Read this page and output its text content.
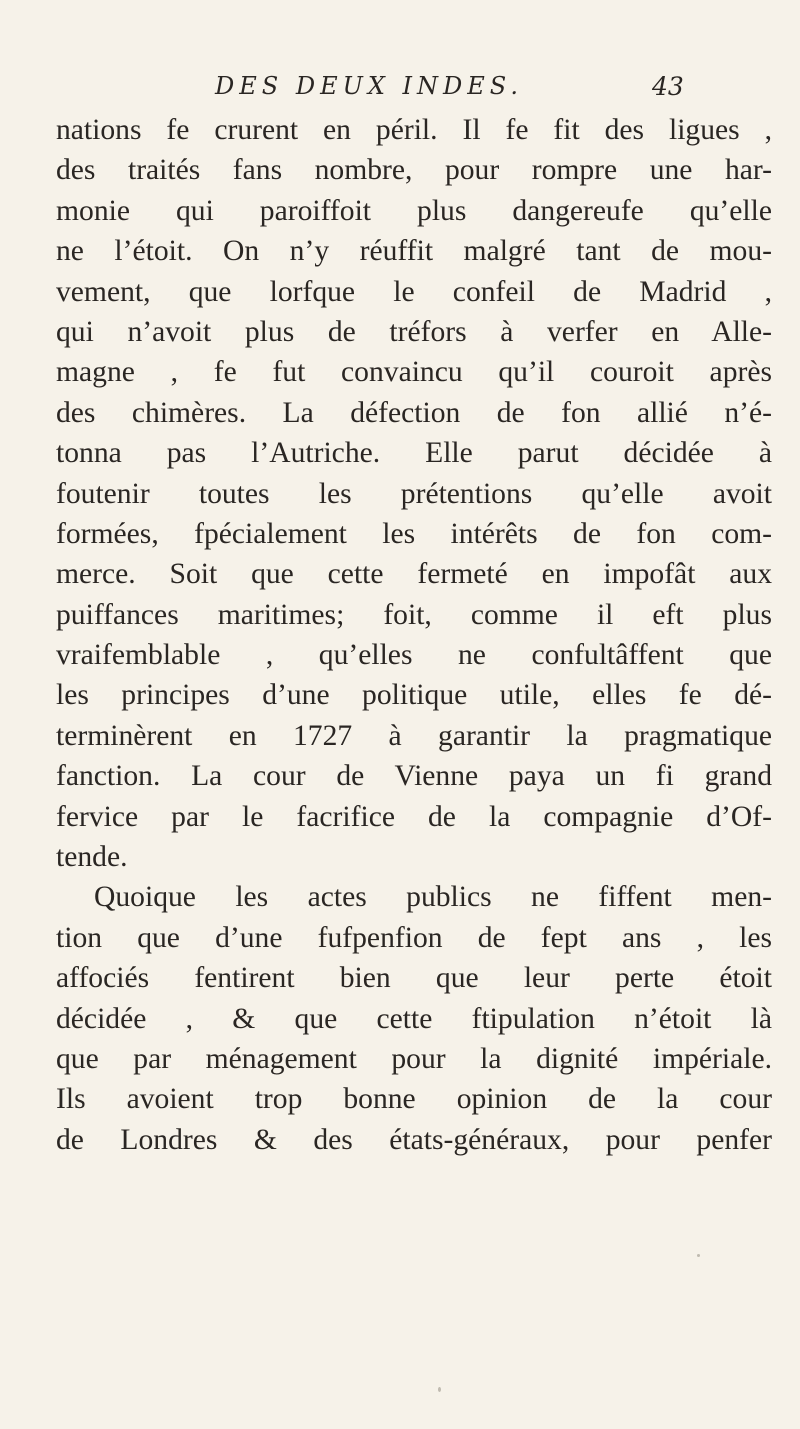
DES DEUX INDES.	43
nations fe crurent en péril. Il fe fit des ligues ,
des traités fans nombre, pour rompre une har-
monie qui paroiffoit plus dangereufe qu’elle
ne l’étoit. On n’y réuffit malgré tant de mou-
vement, que lorfque le confeil de Madrid ,
qui n’avoit plus de tréfors à verfer en Alle-
magne , fe fut convaincu qu’il couroit après
des chimères. La défection de fon allié n’é-
tonna pas l’Autriche. Elle parut décidée à
foutenir toutes les prétentions qu’elle avoit
formées, fpécialement les intérêts de fon com-
merce. Soit que cette fermeté en impofât aux
puiffances maritimes; foit, comme il eft plus
vraifemblable , qu’elles ne confultâffent que
les principes d’une politique utile, elles fe dé-
terminèrent en 1727 à garantir la pragmatique
fanction. La cour de Vienne paya un fi grand
fervice par le facrifice de la compagnie d’Of-
tende.
Quoique les actes publics ne fiffent men-
tion que d’une fufpenfion de fept ans , les
affociés fentirent bien que leur perte étoit
décidée , & que cette ftipulation n’étoit là
que par ménagement pour la dignité impériale.
Ils avoient trop bonne opinion de la cour
de Londres & des états-généraux, pour penfer
